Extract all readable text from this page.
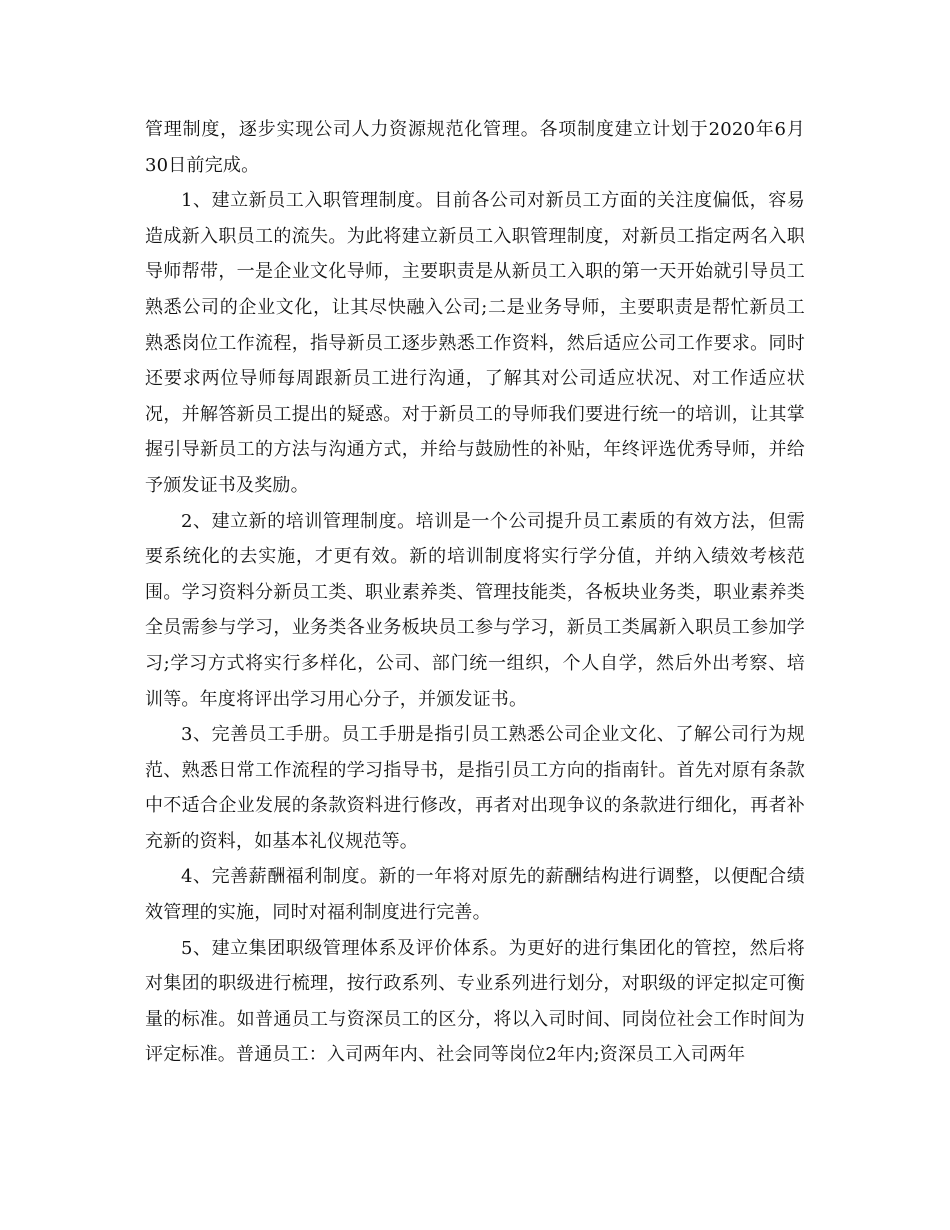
管理制度，逐步实现公司人力资源规范化管理。各项制度建立计划于2020年6月30日前完成。

1、建立新员工入职管理制度。目前各公司对新员工方面的关注度偏低，容易造成新入职员工的流失。为此将建立新员工入职管理制度，对新员工指定两名入职导师帮带，一是企业文化导师，主要职责是从新员工入职的第一天开始就引导员工熟悉公司的企业文化，让其尽快融入公司;二是业务导师，主要职责是帮忙新员工熟悉岗位工作流程，指导新员工逐步熟悉工作资料，然后适应公司工作要求。同时还要求两位导师每周跟新员工进行沟通，了解其对公司适应状况、对工作适应状况，并解答新员工提出的疑惑。对于新员工的导师我们要进行统一的培训，让其掌握引导新员工的方法与沟通方式，并给与鼓励性的补贴，年终评选优秀导师，并给予颁发证书及奖励。

2、建立新的培训管理制度。培训是一个公司提升员工素质的有效方法，但需要系统化的去实施，才更有效。新的培训制度将实行学分值，并纳入绩效考核范围。学习资料分新员工类、职业素养类、管理技能类，各板块业务类，职业素养类全员需参与学习，业务类各业务板块员工参与学习，新员工类属新入职员工参加学习;学习方式将实行多样化，公司、部门统一组织，个人自学，然后外出考察、培训等。年度将评出学习用心分子，并颁发证书。

3、完善员工手册。员工手册是指引员工熟悉公司企业文化、了解公司行为规范、熟悉日常工作流程的学习指导书，是指引员工方向的指南针。首先对原有条款中不适合企业发展的条款资料进行修改，再者对出现争议的条款进行细化，再者补充新的资料，如基本礼仪规范等。

4、完善薪酬福利制度。新的一年将对原先的薪酬结构进行调整，以便配合绩效管理的实施，同时对福利制度进行完善。

5、建立集团职级管理体系及评价体系。为更好的进行集团化的管控，然后将对集团的职级进行梳理，按行政系列、专业系列进行划分，对职级的评定拟定可衡量的标准。如普通员工与资深员工的区分，将以入司时间、同岗位社会工作时间为评定标准。普通员工：入司两年内、社会同等岗位2年内;资深员工入司两年
